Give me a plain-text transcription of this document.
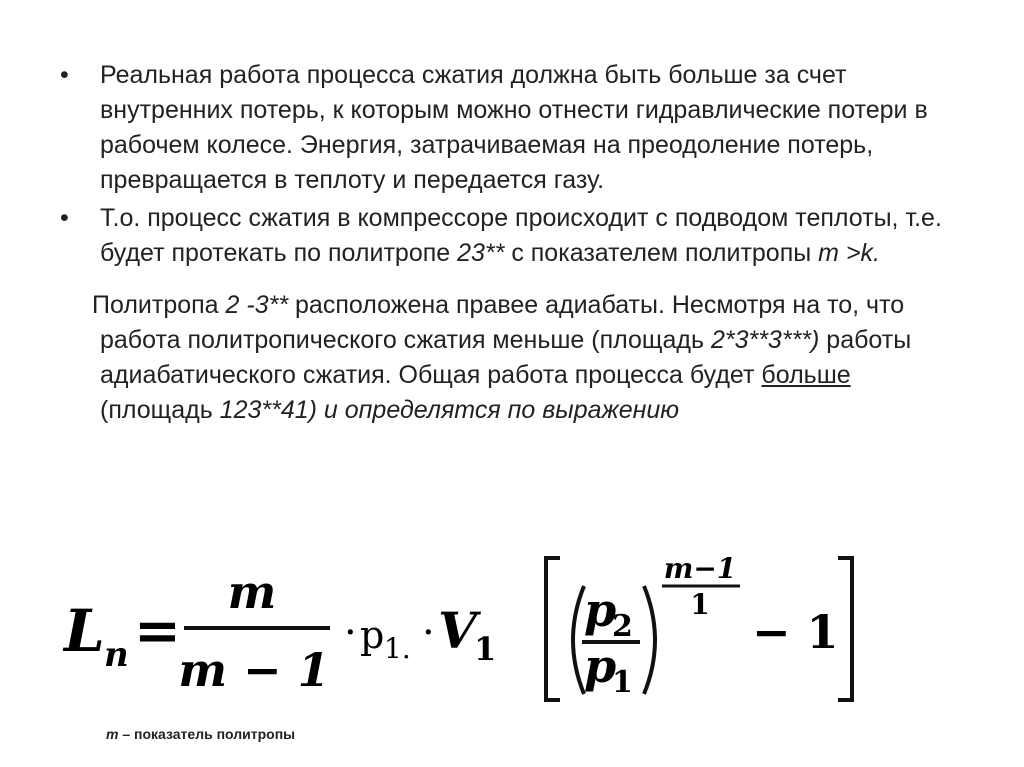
•
Реальная работа процесса сжатия должна быть больше за счет внутренних потерь, к которым можно отнести гидравлические потери в рабочем колесе. Энергия, затрачиваемая на преодоление потерь, превращается в теплоту и передается газу.
•
Т.о. процесс сжатия в компрессоре происходит с подводом теплоты, т.е. будет протекать по политропе 23** с показателем политропы m >k.
Политропа 2 -3** расположена правее адиабаты. Несмотря на то, что работа политропического сжатия меньше (площадь 2*3**3***) работы адиабатического сжатия. Общая работа процесса будет больше (площадь 123**41) и определятся по выражению
L n =
m
m − 1
· p 1. · V
1
p
2
p
1
m−1
1
− 1
m – показатель политропы
